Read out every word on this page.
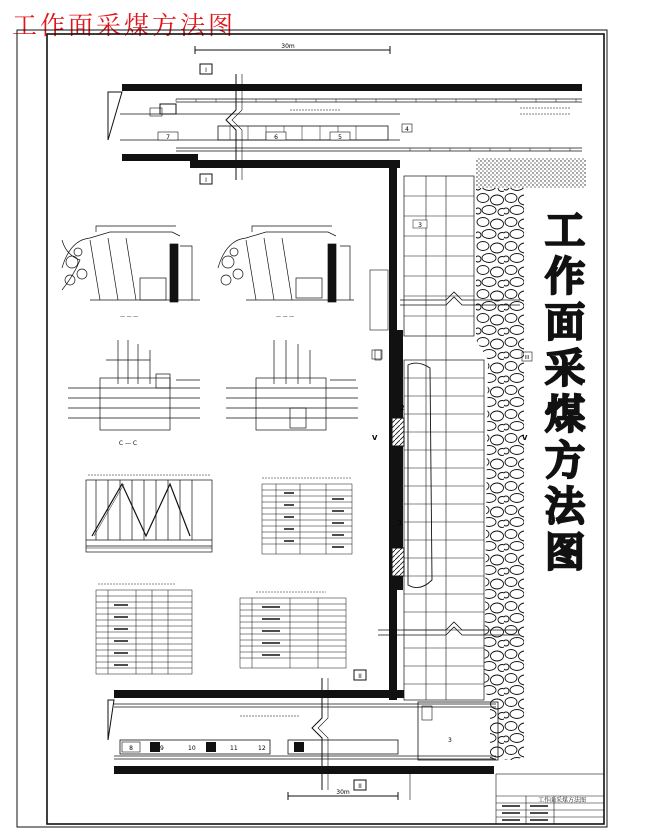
工作面采煤方法图
30m
I
7	6	5
4
I
3
2
1
V	V
III
— — —	— — —
C — C
II
8	9	10	11	12
3
30m
II
工作面采煤方法图
工
作
面
采
煤
方
法
图
